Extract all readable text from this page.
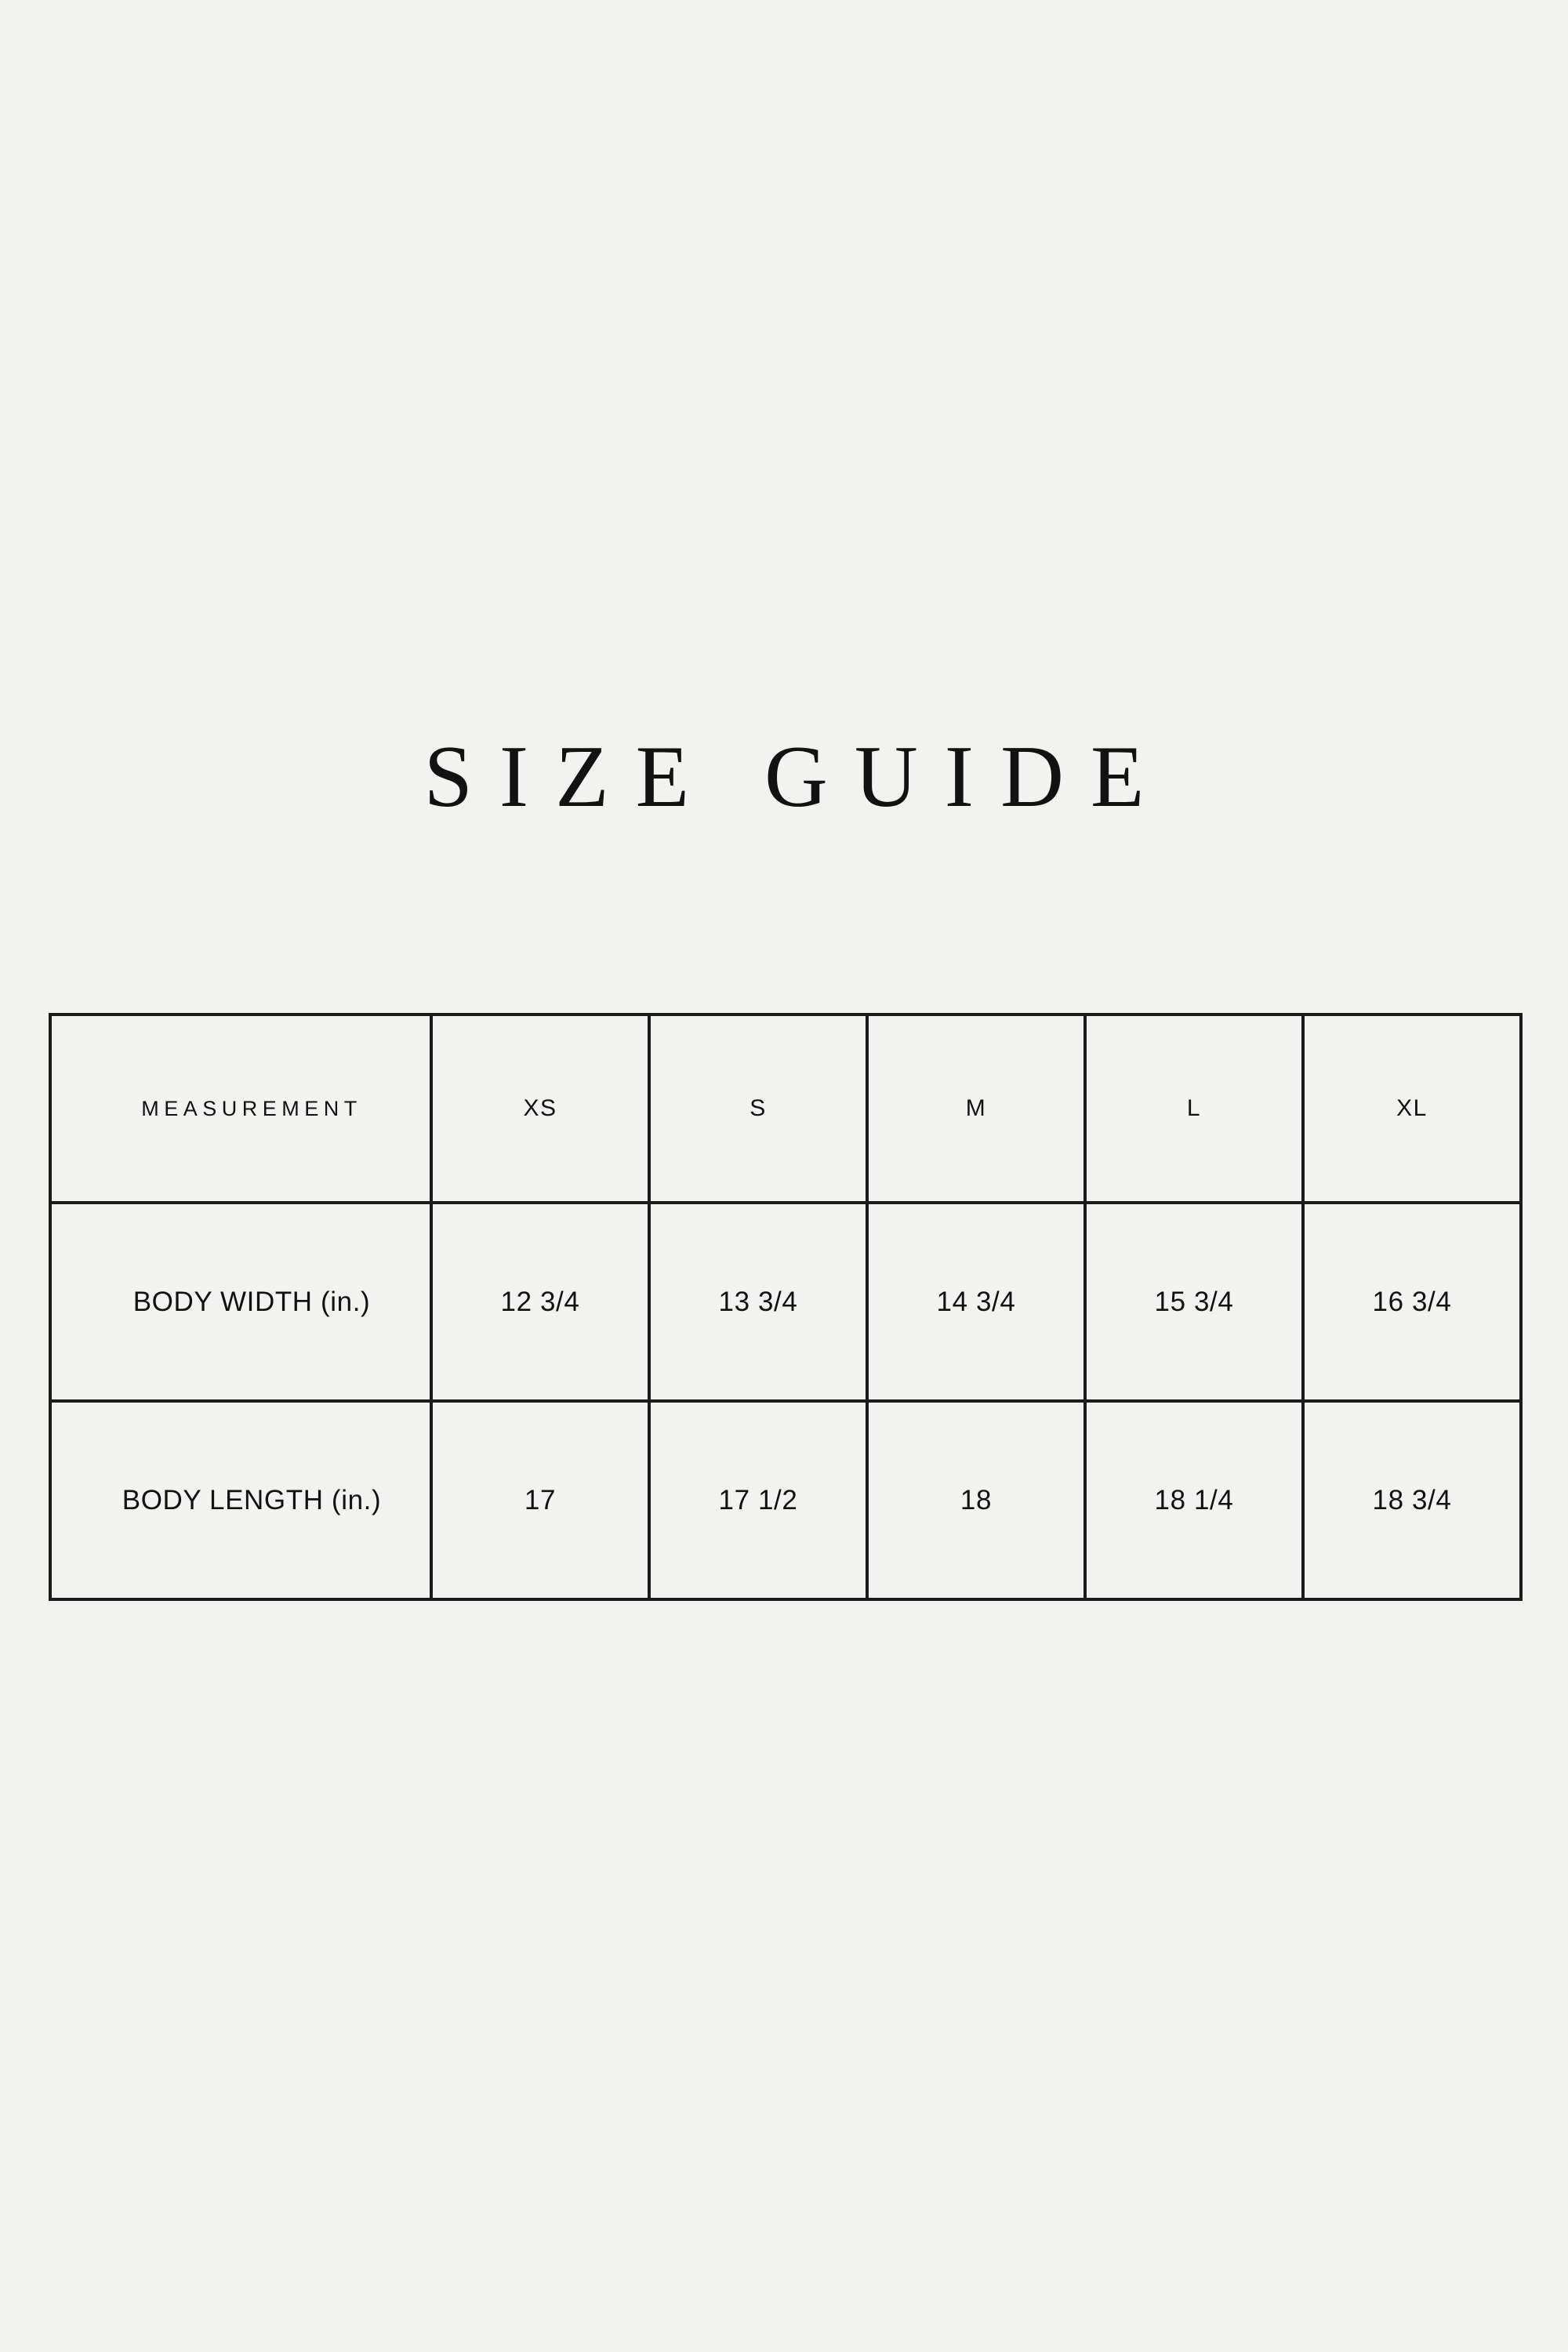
SIZE GUIDE
MEASUREMENT	XS	S	M	L	XL
BODY WIDTH (in.)	12 3/4	13 3/4	14 3/4	15 3/4	16 3/4
BODY LENGTH (in.)	17	17 1/2	18	18 1/4	18 3/4
